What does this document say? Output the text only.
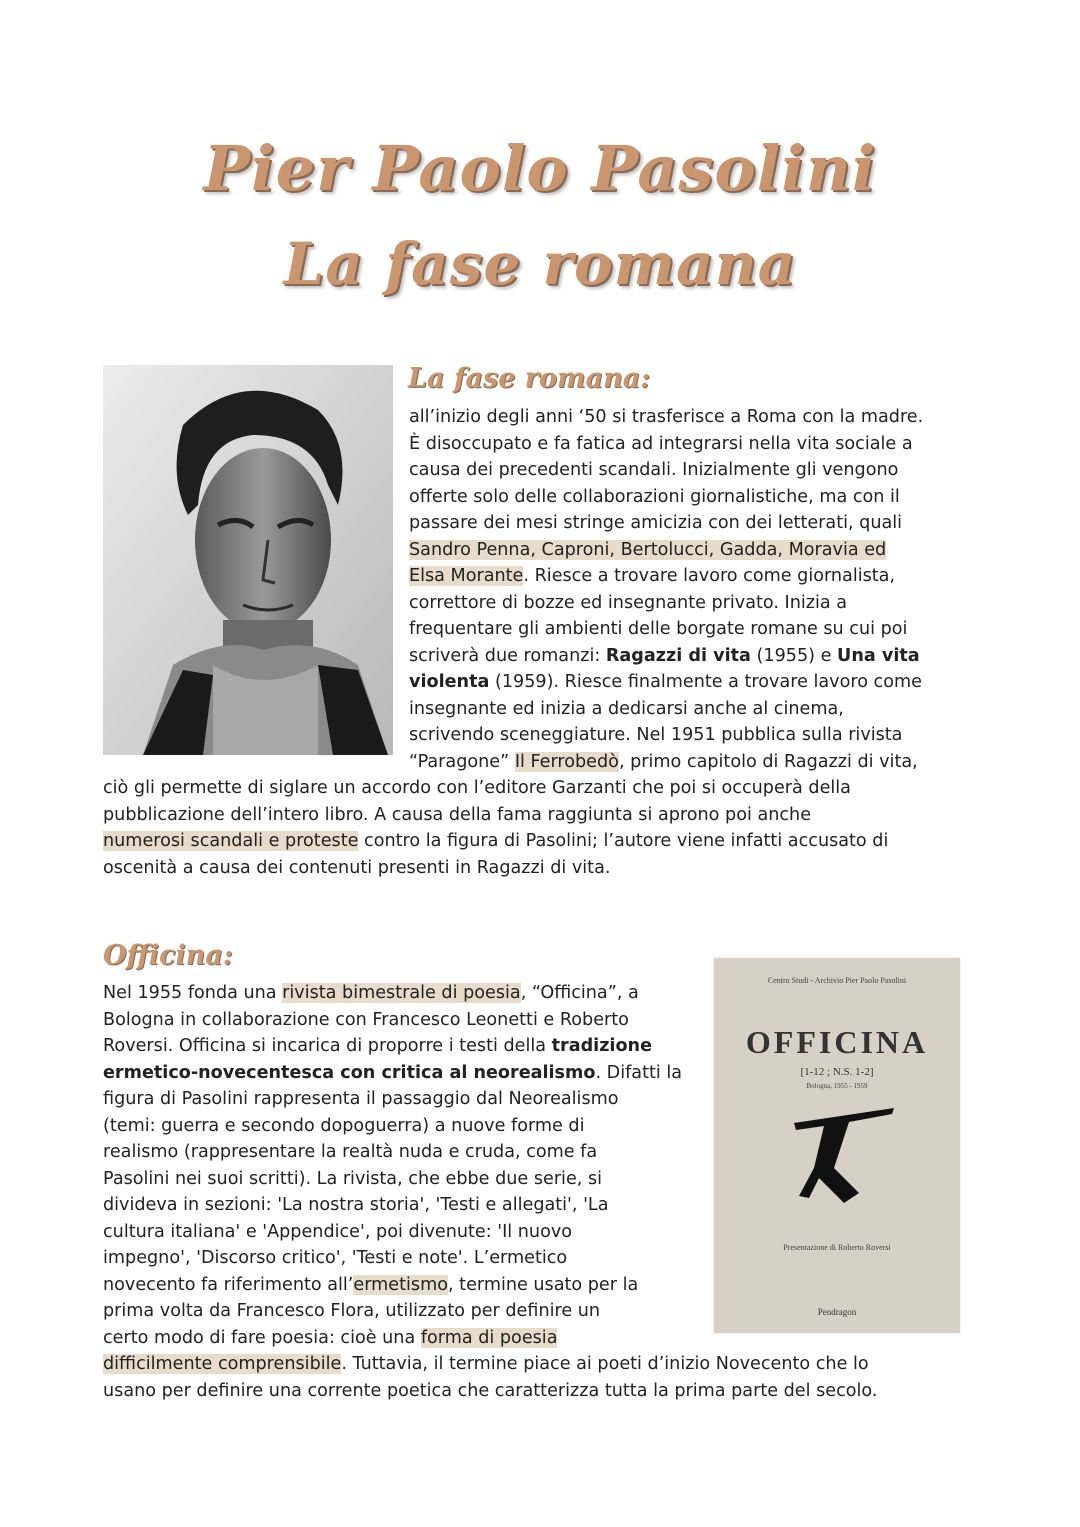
Pier Paolo Pasolini
La fase romana
La fase romana:
all’inizio degli anni ‘50 si trasferisce a Roma con la madre.
È disoccupato e fa fatica ad integrarsi nella vita sociale a
causa dei precedenti scandali. Inizialmente gli vengono
offerte solo delle collaborazioni giornalistiche, ma con il
passare dei mesi stringe amicizia con dei letterati, quali
Sandro Penna, Caproni, Bertolucci, Gadda, Moravia ed
Elsa Morante. Riesce a trovare lavoro come giornalista,
correttore di bozze ed insegnante privato. Inizia a
frequentare gli ambienti delle borgate romane su cui poi
scriverà due romanzi: Ragazzi di vita (1955) e Una vita
violenta (1959). Riesce finalmente a trovare lavoro come
insegnante ed inizia a dedicarsi anche al cinema,
scrivendo sceneggiature. Nel 1951 pubblica sulla rivista
“Paragone” Il Ferrobedò, primo capitolo di Ragazzi di vita,
ciò gli permette di siglare un accordo con l’editore Garzanti che poi si occuperà della
pubblicazione dell’intero libro. A causa della fama raggiunta si aprono poi anche
numerosi scandali e proteste contro la figura di Pasolini; l’autore viene infatti accusato di
oscenità a causa dei contenuti presenti in Ragazzi di vita.
Officina:
Nel 1955 fonda una rivista bimestrale di poesia, “Officina”, a
Bologna in collaborazione con Francesco Leonetti e Roberto
Roversi. Officina si incarica di proporre i testi della tradizione
ermetico-novecentesca con critica al neorealismo. Difatti la
figura di Pasolini rappresenta il passaggio dal Neorealismo
(temi: guerra e secondo dopoguerra) a nuove forme di
realismo (rappresentare la realtà nuda e cruda, come fa
Pasolini nei suoi scritti). La rivista, che ebbe due serie, si
divideva in sezioni: 'La nostra storia', 'Testi e allegati', 'La
cultura italiana' e 'Appendice', poi divenute: 'Il nuovo
impegno', 'Discorso critico', 'Testi e note'. L’ermetico
novecento fa riferimento all’ermetismo, termine usato per la
prima volta da Francesco Flora, utilizzato per definire un
certo modo di fare poesia: cioè una forma di poesia
difficilmente comprensibile. Tuttavia, il termine piace ai poeti d’inizio Novecento che lo
usano per definire una corrente poetica che caratterizza tutta la prima parte del secolo.
Centro Studi - Archivio Pier Paolo Pasolini
OFFICINA
[1-12 ; N.S. 1-2]
Bologna, 1955 - 1959
Presentazione di Roberto Roversi
Pendragon
